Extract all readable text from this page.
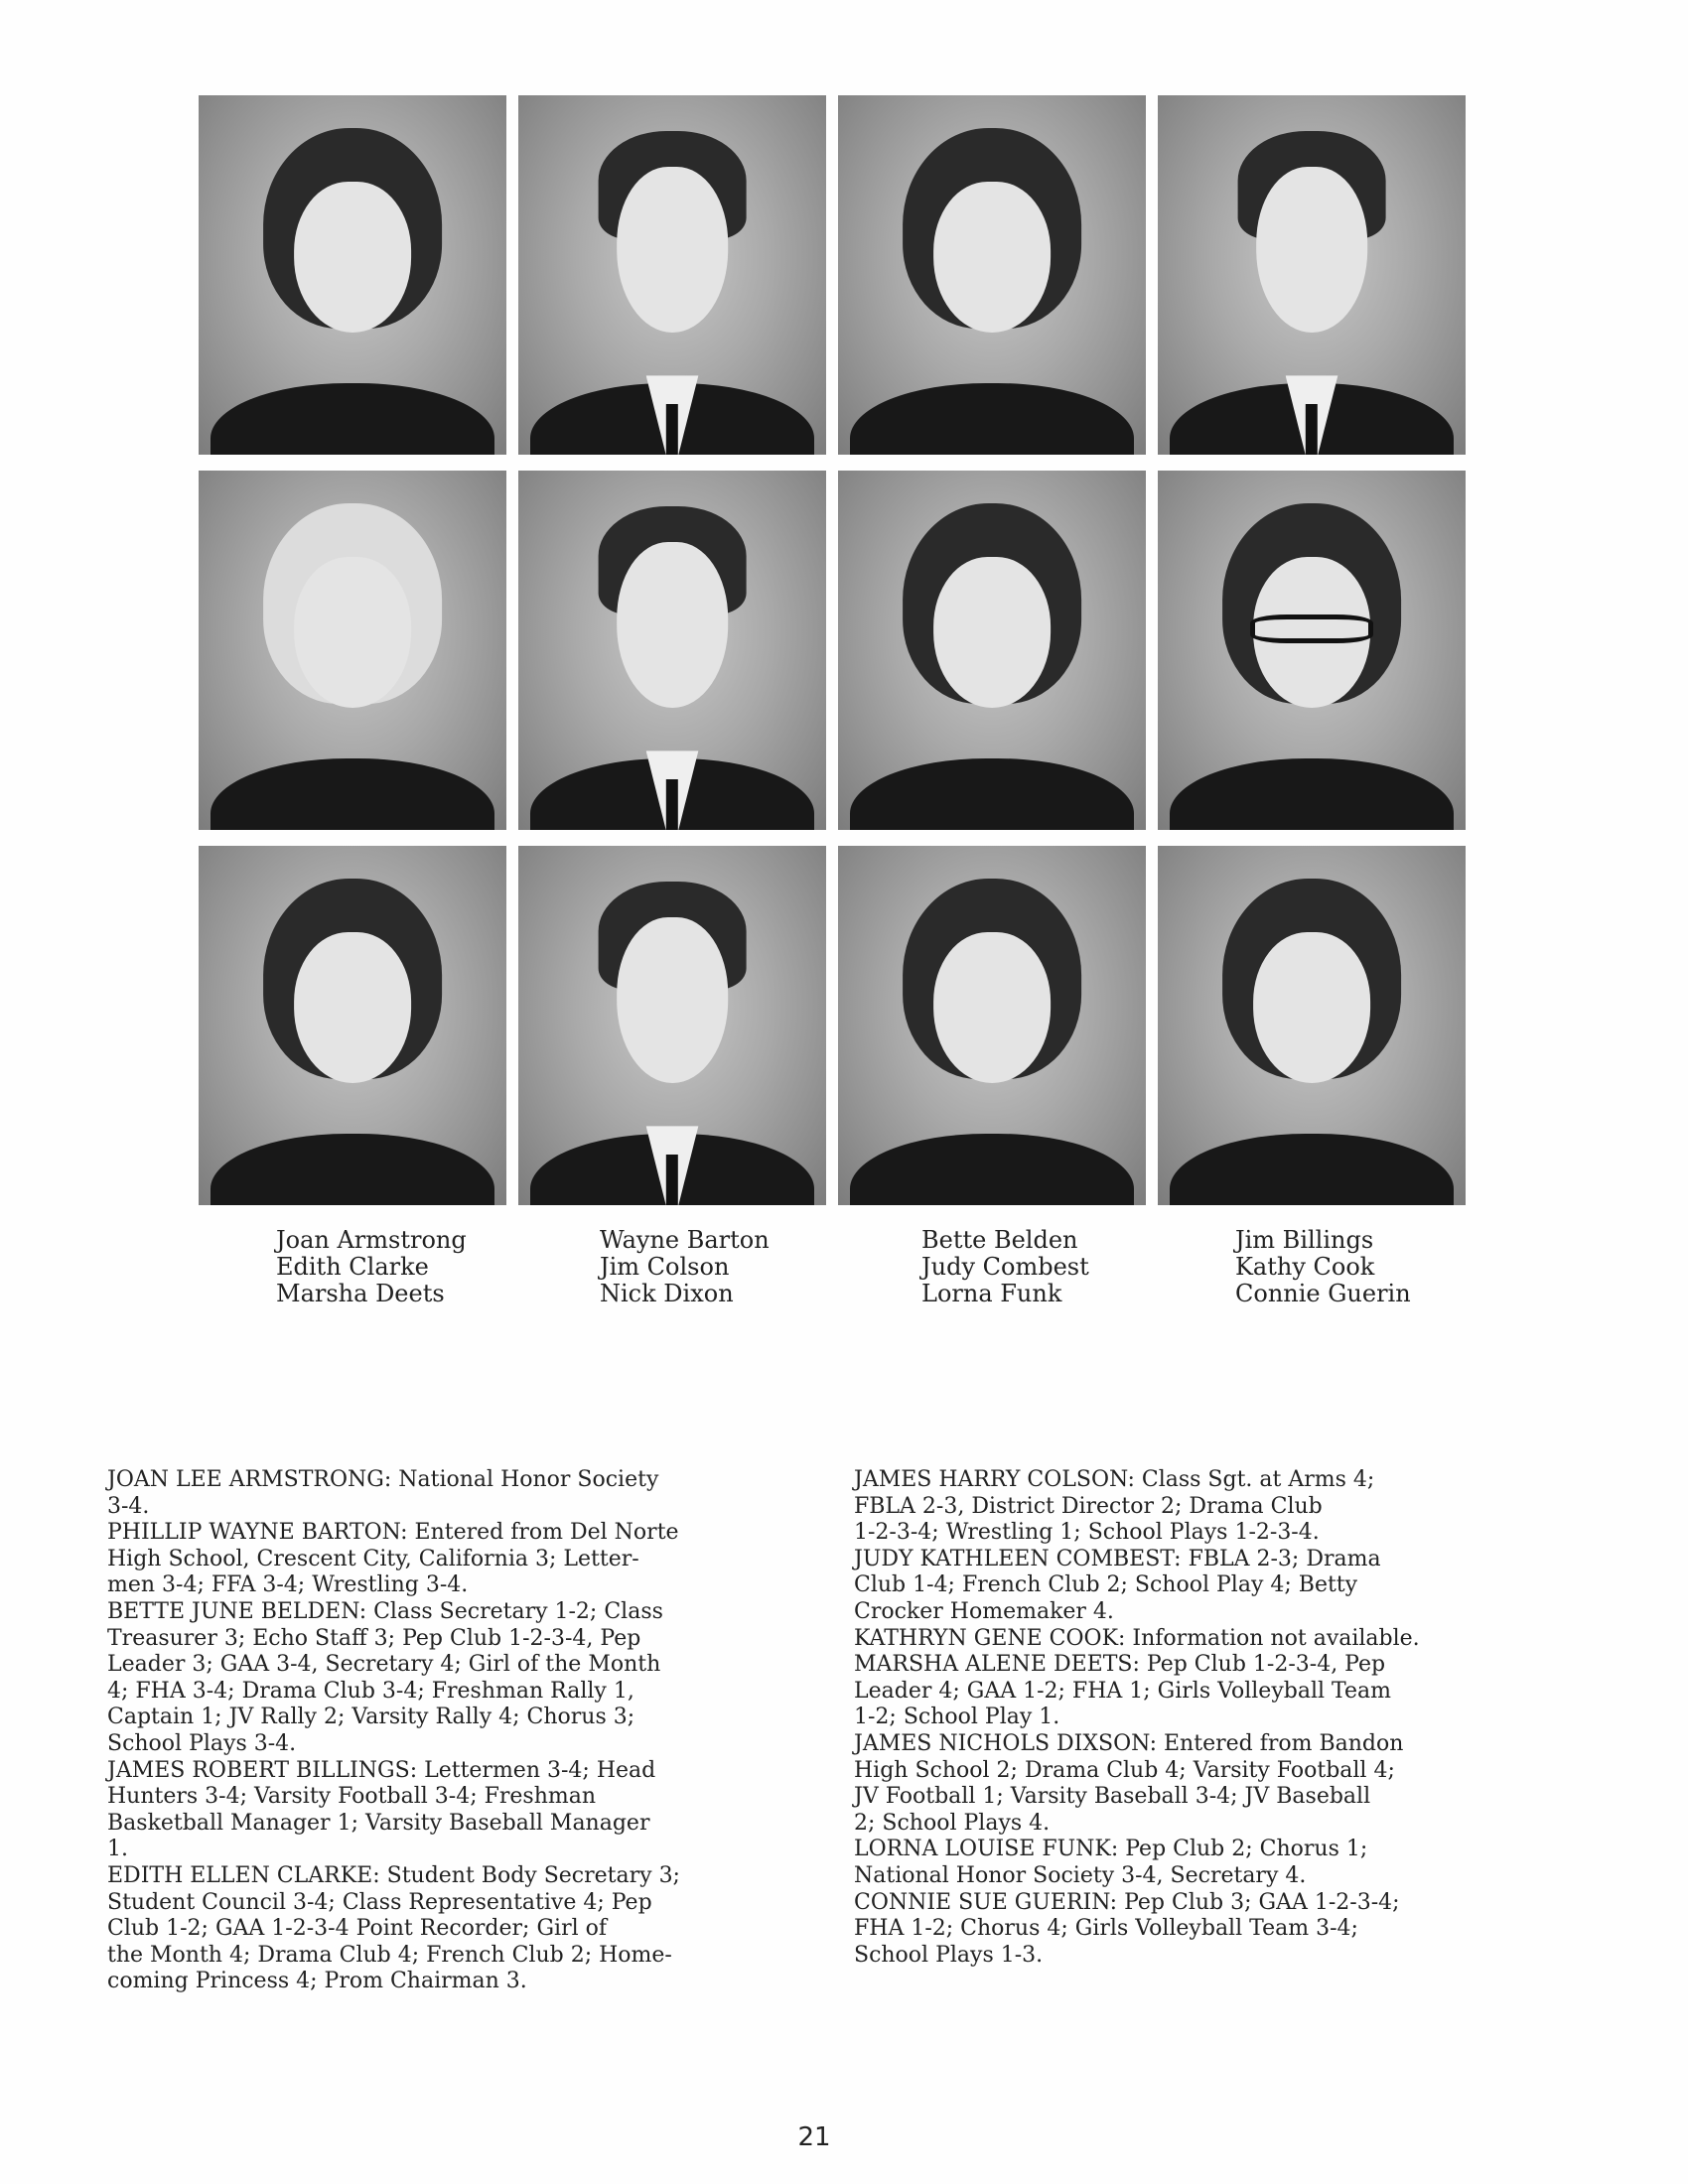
Joan Armstrong
Edith Clarke
Marsha Deets
Wayne Barton
Jim Colson
Nick Dixon
Bette Belden
Judy Combest
Lorna Funk
Jim Billings
Kathy Cook
Connie Guerin

JOAN LEE ARMSTRONG: National Honor Society

3-4.

PHILLIP WAYNE BARTON: Entered from Del Norte

High School, Crescent City, California 3; Letter-

men 3-4; FFA 3-4; Wrestling 3-4.

BETTE JUNE BELDEN: Class Secretary 1-2; Class

Treasurer 3; Echo Staff 3; Pep Club 1-2-3-4, Pep

Leader 3; GAA 3-4, Secretary 4; Girl of the Month

4; FHA 3-4; Drama Club 3-4; Freshman Rally 1,

Captain 1; JV Rally 2; Varsity Rally 4; Chorus 3;

School Plays 3-4.

JAMES ROBERT BILLINGS: Lettermen 3-4; Head

Hunters 3-4; Varsity Football 3-4; Freshman

Basketball Manager 1; Varsity Baseball Manager

1.

EDITH ELLEN CLARKE: Student Body Secretary 3;

Student Council 3-4; Class Representative 4; Pep

Club 1-2; GAA 1-2-3-4 Point Recorder; Girl of

the Month 4; Drama Club 4; French Club 2; Home-

coming Princess 4; Prom Chairman 3.

JAMES HARRY COLSON: Class Sgt. at Arms 4;

FBLA 2-3, District Director 2; Drama Club

1-2-3-4; Wrestling 1; School Plays 1-2-3-4.

JUDY KATHLEEN COMBEST: FBLA 2-3; Drama

Club 1-4; French Club 2; School Play 4; Betty

Crocker Homemaker 4.

KATHRYN GENE COOK: Information not available.

MARSHA ALENE DEETS: Pep Club 1-2-3-4, Pep

Leader 4; GAA 1-2; FHA 1; Girls Volleyball Team

1-2; School Play 1.

JAMES NICHOLS DIXSON: Entered from Bandon

High School 2; Drama Club 4; Varsity Football 4;

JV Football 1; Varsity Baseball 3-4; JV Baseball

2; School Plays 4.

LORNA LOUISE FUNK: Pep Club 2; Chorus 1;

National Honor Society 3-4, Secretary 4.

CONNIE SUE GUERIN: Pep Club 3; GAA 1-2-3-4;

FHA 1-2; Chorus 4; Girls Volleyball Team 3-4;

School Plays 1-3.

21
